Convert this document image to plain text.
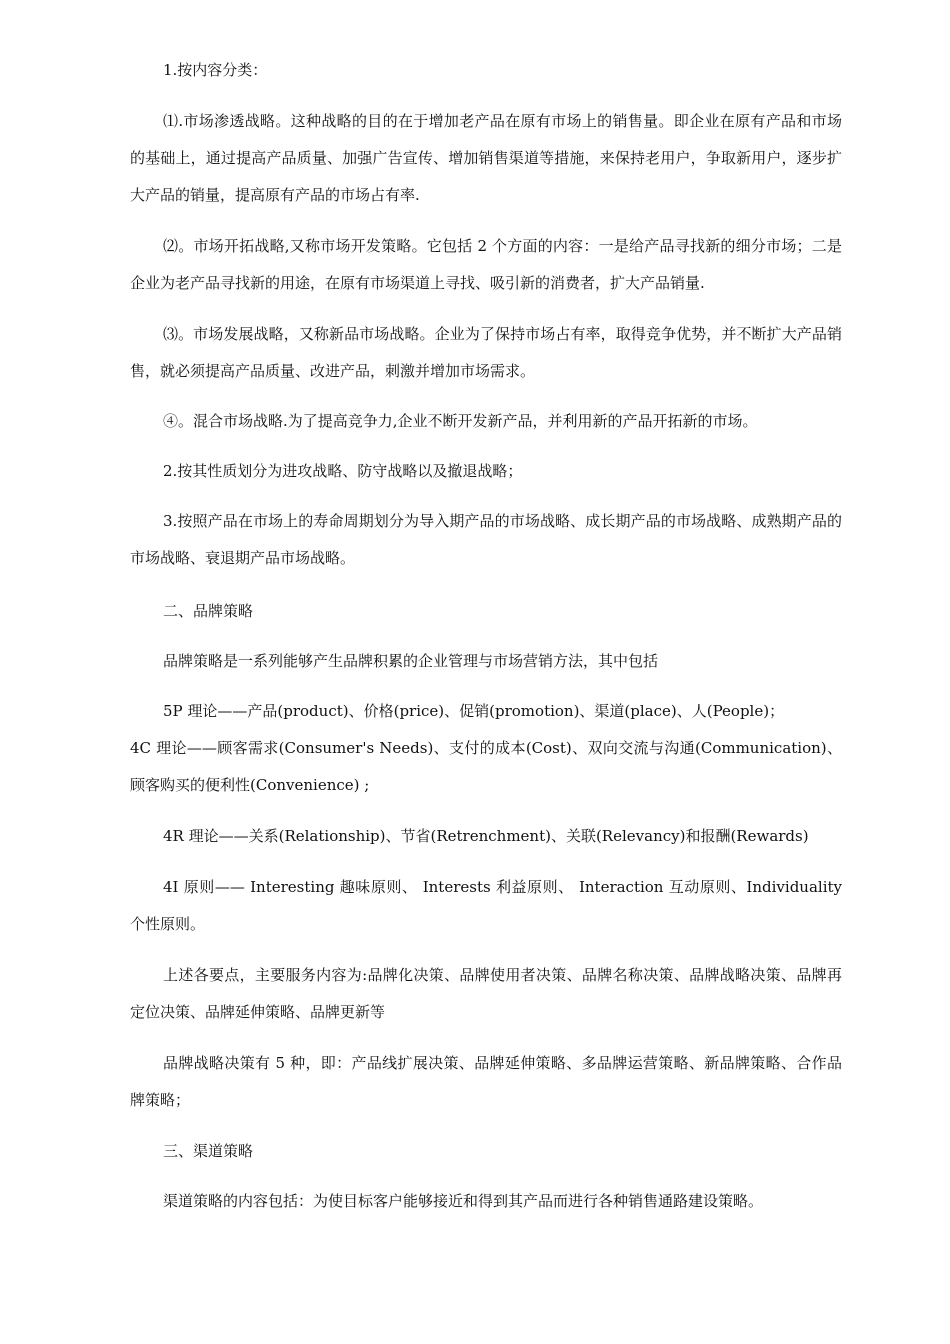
1.按内容分类：

⑴.市场渗透战略。这种战略的目的在于增加老产品在原有市场上的销售量。即企业在原有产品和市场的基础上，通过提高产品质量、加强广告宣传、增加销售渠道等措施，来保持老用户，争取新用户，逐步扩大产品的销量，提高原有产品的市场占有率.

⑵。市场开拓战略,又称市场开发策略。它包括 2 个方面的内容：一是给产品寻找新的细分市场；二是企业为老产品寻找新的用途，在原有市场渠道上寻找、吸引新的消费者，扩大产品销量.

⑶。市场发展战略，又称新品市场战略。企业为了保持市场占有率，取得竞争优势，并不断扩大产品销售，就必须提高产品质量、改进产品，刺激并增加市场需求。

④。混合市场战略.为了提高竞争力,企业不断开发新产品，并利用新的产品开拓新的市场。

2.按其性质划分为进攻战略、防守战略以及撤退战略；

3.按照产品在市场上的寿命周期划分为导入期产品的市场战略、成长期产品的市场战略、成熟期产品的市场战略、衰退期产品市场战略。

二、品牌策略

品牌策略是一系列能够产生品牌积累的企业管理与市场营销方法，其中包括

5P 理论——产品(product)、价格(price)、促销(promotion)、渠道(place)、人(People)；

4C 理论——顾客需求(Consumer's Needs)、支付的成本(Cost)、双向交流与沟通(Communication)、顾客购买的便利性(Convenience) ;

4R 理论——关系(Relationship)、节省(Retrenchment)、关联(Relevancy)和报酬(Rewards)

4I 原则—— Interesting 趣味原则、 Interests 利益原则、 Interaction 互动原则、Individuality 个性原则。

上述各要点，主要服务内容为:品牌化决策、品牌使用者决策、品牌名称决策、品牌战略决策、品牌再定位决策、品牌延伸策略、品牌更新等

品牌战略决策有 5 种，即：产品线扩展决策、品牌延伸策略、多品牌运营策略、新品牌策略、合作品牌策略；

三、渠道策略

渠道策略的内容包括：为使目标客户能够接近和得到其产品而进行各种销售通路建设策略。
